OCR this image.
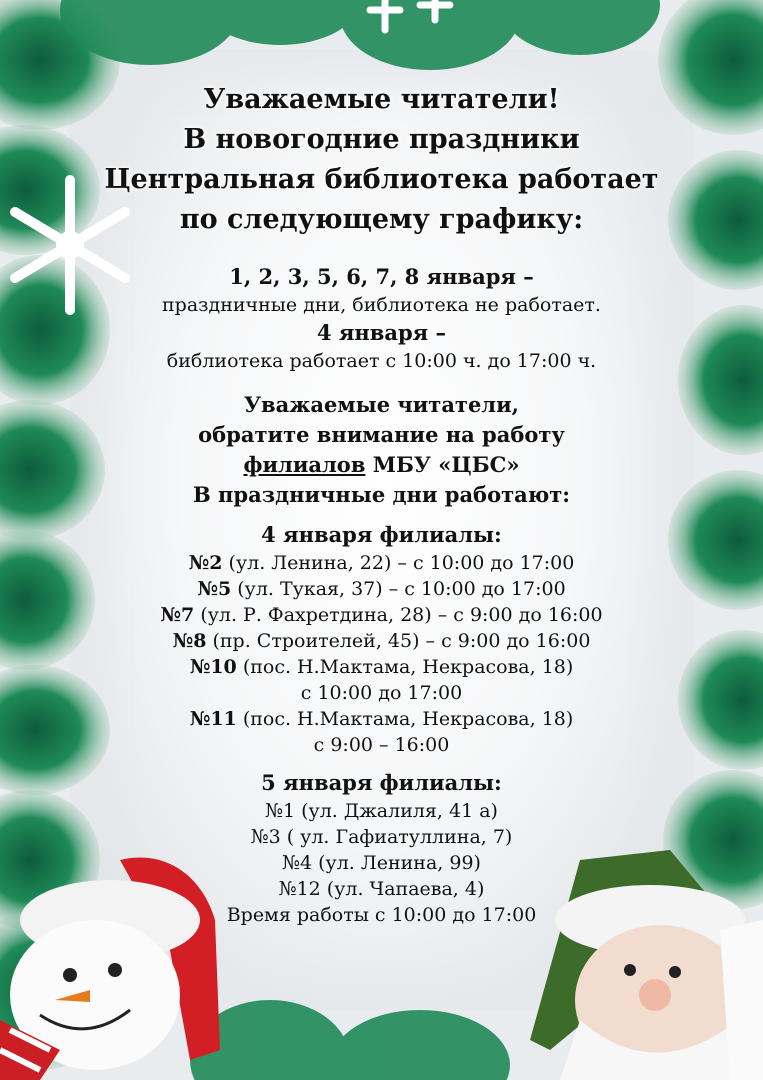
Уважаемые читатели!
В новогодние праздники
Центральная библиотека работает
по следующему графику:
1, 2, 3, 5, 6, 7, 8 января –
праздничные дни, библиотека не работает.
4 января –
библиотека работает с 10:00 ч. до 17:00 ч.
Уважаемые читатели,
обратите внимание на работу
филиалов МБУ «ЦБС»
В праздничные дни работают:
4 января филиалы:
№2 (ул. Ленина, 22) – с 10:00 до 17:00
№5 (ул. Тукая, 37) – с 10:00 до 17:00
№7 (ул. Р. Фахретдина, 28) – с 9:00 до 16:00
№8 (пр. Строителей, 45) – с 9:00 до 16:00
№10 (пос. Н.Мактама, Некрасова, 18)
с 10:00 до 17:00
№11 (пос. Н.Мактама, Некрасова, 18)
с 9:00 – 16:00
5 января филиалы:
№1 (ул. Джалиля, 41 а)
№3 ( ул. Гафиатуллина, 7)
№4 (ул. Ленина, 99)
№12 (ул. Чапаева, 4)
Время работы с 10:00 до 17:00
